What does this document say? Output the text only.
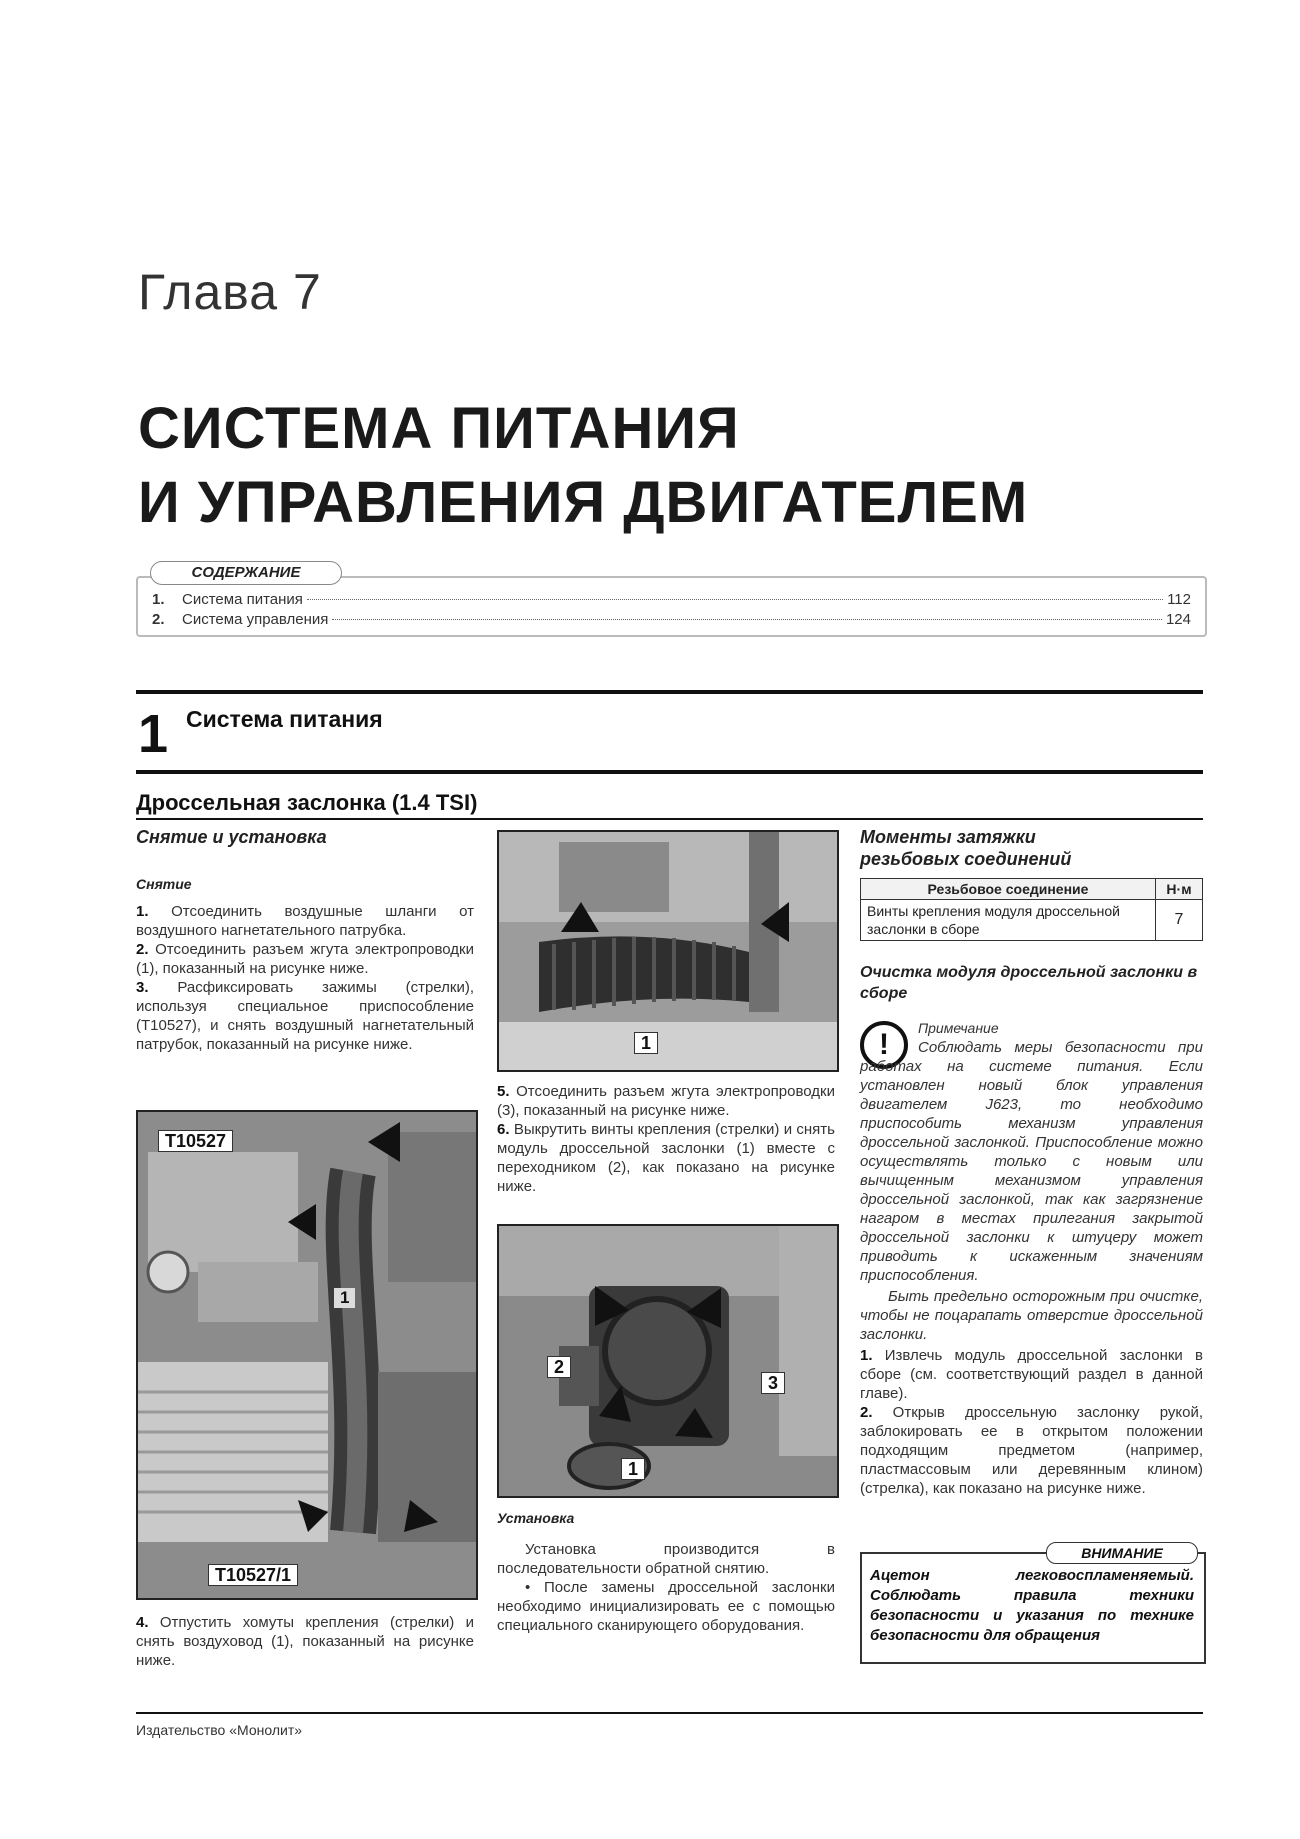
Глава 7
СИСТЕМА ПИТАНИЯ
И УПРАВЛЕНИЯ ДВИГАТЕЛЕМ
1.	Система питания	112
2.	Система управления	124
СОДЕРЖАНИЕ
1 Система питания
Дроссельная заслонка (1.4 TSI)
Снятие и установка
Снятие

1. Отсоединить воздушные шланги от воздушного нагнетательного патрубка.

2. Отсоединить разъем жгута электропроводки (1), показанный на рисунке ниже.

3. Расфиксировать зажимы (стрелки), используя специальное приспособление (T10527), и снять воздушный нагнетательный патрубок, показанный на рисунке ниже.

T10527
T10527/1
1

4. Отпустить хомуты крепления (стрелки) и снять воздуховод (1), показанный на рисунке ниже.

1

5. Отсоединить разъем жгута электропроводки (3), показанный на рисунке ниже.

6. Выкрутить винты крепления (стрелки) и снять модуль дроссельной заслонки (1) вместе с переходником (2), как показано на рисунке ниже.

2
3
1
Установка

Установка производится в последовательности обратной снятию.

• После замены дроссельной заслонки необходимо инициализировать ее с помощью специального сканирующего оборудования.

Моменты затяжки
резьбовых соединений
Резьбовое соединение	Н·м
Винты крепления модуля дроссельной заслонки в сборе	7
Очистка модуля дроссельной заслонки в сборе
!	Примечание

Соблюдать меры безопасности при работах на системе питания. Если установлен новый блок управления двигателем J623, то необходимо приспособить механизм управления дроссельной заслонкой. Приспособление можно осуществлять только с новым или вычищенным механизмом управления дроссельной заслонкой, так как загрязнение нагаром в местах прилегания закрытой дроссельной заслонки к штуцеру может приводить к искаженным значениям приспособления.

Быть предельно осторожным при очистке, чтобы не поцарапать отверстие дроссельной заслонки.

1. Извлечь модуль дроссельной заслонки в сборе (см. соответствующий раздел в данной главе).

2. Открыв дроссельную заслонку рукой, заблокировать ее в открытом положении подходящим предметом (например, пластмассовым или деревянным клином) (стрелка), как показано на рисунке ниже.

ВНИМАНИЕ
Ацетон легковоспламеняемый. Соблюдать правила техники безопасности и указания по технике безопасности для обращения
Издательство «Монолит»
